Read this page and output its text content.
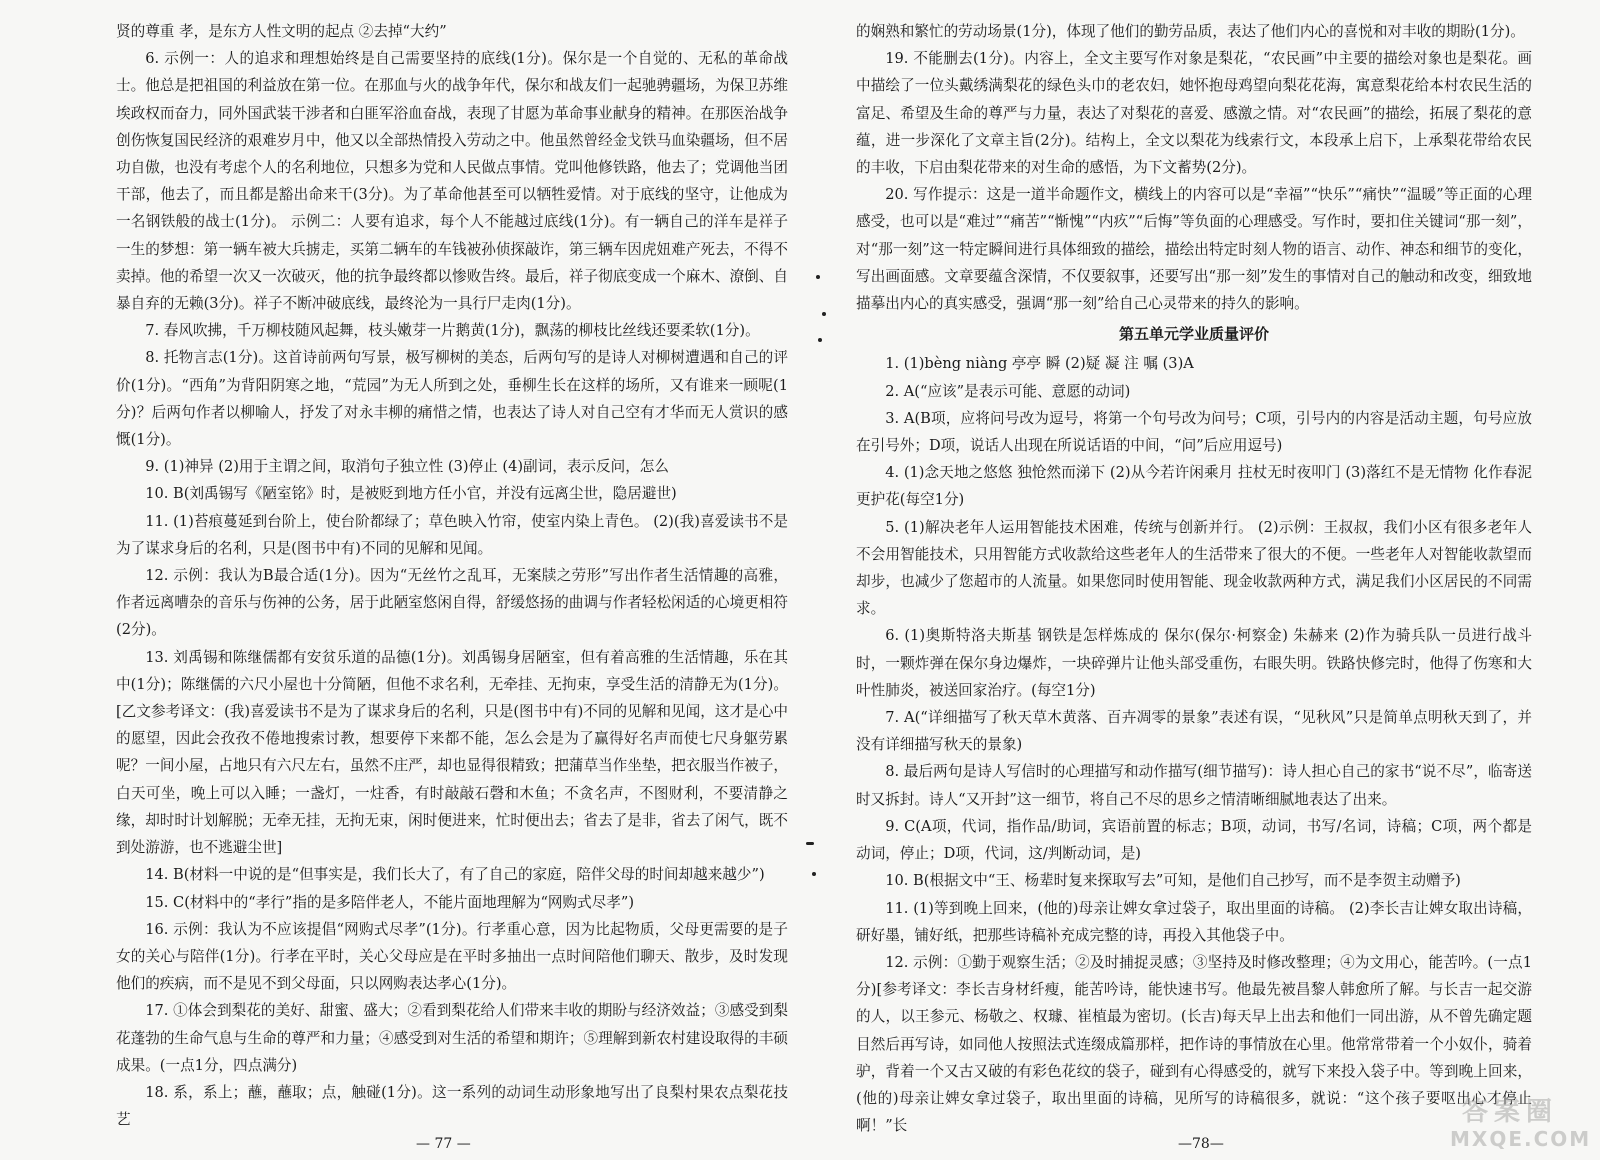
贤的尊重 孝，是东方人性文明的起点 ②去掉“大约”

6. 示例一：人的追求和理想始终是自己需要坚持的底线(1分)。保尔是一个自觉的、无私的革命战士。他总是把祖国的利益放在第一位。在那血与火的战争年代，保尔和战友们一起驰骋疆场，为保卫苏维埃政权而奋力，同外国武装干涉者和白匪军浴血奋战，表现了甘愿为革命事业献身的精神。在那医治战争创伤恢复国民经济的艰难岁月中，他又以全部热情投入劳动之中。他虽然曾经金戈铁马血染疆场，但不居功自傲，也没有考虑个人的名利地位，只想多为党和人民做点事情。党叫他修铁路，他去了；党调他当团干部，他去了，而且都是豁出命来干(3分)。为了革命他甚至可以牺牲爱情。对于底线的坚守，让他成为一名钢铁般的战士(1分)。 示例二：人要有追求，每个人不能越过底线(1分)。有一辆自己的洋车是祥子一生的梦想：第一辆车被大兵掳走，买第二辆车的车钱被孙侦探敲诈，第三辆车因虎妞难产死去，不得不卖掉。他的希望一次又一次破灭，他的抗争最终都以惨败告终。最后，祥子彻底变成一个麻木、潦倒、自暴自弃的无赖(3分)。祥子不断冲破底线，最终沦为一具行尸走肉(1分)。

7. 春风吹拂，千万柳枝随风起舞，枝头嫩芽一片鹅黄(1分)，飘荡的柳枝比丝线还要柔软(1分)。

8. 托物言志(1分)。这首诗前两句写景，极写柳树的美态，后两句写的是诗人对柳树遭遇和自己的评价(1分)。“西角”为背阳阴寒之地，“荒园”为无人所到之处，垂柳生长在这样的场所，又有谁来一顾呢(1分)？后两句作者以柳喻人，抒发了对永丰柳的痛惜之情，也表达了诗人对自己空有才华而无人赏识的感慨(1分)。

9. (1)神异 (2)用于主谓之间，取消句子独立性 (3)停止 (4)副词，表示反问，怎么

10. B(刘禹锡写《陋室铭》时，是被贬到地方任小官，并没有远离尘世，隐居避世)

11. (1)苔痕蔓延到台阶上，使台阶都绿了；草色映入竹帘，使室内染上青色。 (2)(我)喜爱读书不是为了谋求身后的名利，只是(图书中有)不同的见解和见闻。

12. 示例：我认为B最合适(1分)。因为“无丝竹之乱耳，无案牍之劳形”写出作者生活情趣的高雅，作者远离嘈杂的音乐与伤神的公务，居于此陋室悠闲自得，舒缓悠扬的曲调与作者轻松闲适的心境更相符(2分)。

13. 刘禹锡和陈继儒都有安贫乐道的品德(1分)。刘禹锡身居陋室，但有着高雅的生活情趣，乐在其中(1分)；陈继儒的六尺小屋也十分简陋，但他不求名利，无牵挂、无拘束，享受生活的清静无为(1分)。[乙文参考译文：(我)喜爱读书不是为了谋求身后的名利，只是(图书中有)不同的见解和见闻，这才是心中的愿望，因此会孜孜不倦地搜索讨教，想要停下来都不能，怎么会是为了赢得好名声而使七尺身躯劳累呢？一间小屋，占地只有六尺左右，虽然不庄严，却也显得很精致；把蒲草当作坐垫，把衣服当作被子，白天可坐，晚上可以入睡；一盏灯，一炷香，有时敲敲石磬和木鱼；不贪名声，不图财利，不要清静之缘，却时时计划解脱；无牵无挂，无拘无束，闲时便进来，忙时便出去；省去了是非，省去了闲气，既不到处游游，也不逃避尘世]

14. B(材料一中说的是“但事实是，我们长大了，有了自己的家庭，陪伴父母的时间却越来越少”)

15. C(材料中的“孝行”指的是多陪伴老人，不能片面地理解为“网购式尽孝”)

16. 示例：我认为不应该提倡“网购式尽孝”(1分)。行孝重心意，因为比起物质，父母更需要的是子女的关心与陪伴(1分)。行孝在平时，关心父母应是在平时多抽出一点时间陪他们聊天、散步，及时发现他们的疾病，而不是见不到父母面，只以网购表达孝心(1分)。

17. ①体会到梨花的美好、甜蜜、盛大；②看到梨花给人们带来丰收的期盼与经济效益；③感受到梨花蓬勃的生命气息与生命的尊严和力量；④感受到对生活的希望和期许；⑤理解到新农村建设取得的丰硕成果。(一点1分，四点满分)

18. 系，系上；蘸，蘸取；点，触碰(1分)。这一系列的动词生动形象地写出了良梨村果农点梨花技艺

— 77 —

的娴熟和繁忙的劳动场景(1分)，体现了他们的勤劳品质，表达了他们内心的喜悦和对丰收的期盼(1分)。

19. 不能删去(1分)。内容上，全文主要写作对象是梨花，“农民画”中主要的描绘对象也是梨花。画中描绘了一位头戴绣满梨花的绿色头巾的老农妇，她怀抱母鸡望向梨花花海，寓意梨花给本村农民生活的富足、希望及生命的尊严与力量，表达了对梨花的喜爱、感激之情。对“农民画”的描绘，拓展了梨花的意蕴，进一步深化了文章主旨(2分)。结构上，全文以梨花为线索行文，本段承上启下，上承梨花带给农民的丰收，下启由梨花带来的对生命的感悟，为下文蓄势(2分)。

20. 写作提示：这是一道半命题作文，横线上的内容可以是“幸福”“快乐”“痛快”“温暖”等正面的心理感受，也可以是“难过”“痛苦”“惭愧”“内疚”“后悔”等负面的心理感受。写作时，要扣住关键词“那一刻”，对“那一刻”这一特定瞬间进行具体细致的描绘，描绘出特定时刻人物的语言、动作、神态和细节的变化，写出画面感。文章要蕴含深情，不仅要叙事，还要写出“那一刻”发生的事情对自己的触动和改变，细致地描摹出内心的真实感受，强调“那一刻”给自己心灵带来的持久的影响。

第五单元学业质量评价

1. (1)bèng niàng 亭亭 瞬 (2)疑 凝 注 嘱 (3)A

2. A(“应该”是表示可能、意愿的动词)

3. A(B项，应将问号改为逗号，将第一个句号改为问号；C项，引号内的内容是活动主题，句号应放在引号外；D项，说话人出现在所说话语的中间，“问”后应用逗号)

4. (1)念天地之悠悠 独怆然而涕下 (2)从今若许闲乘月 拄杖无时夜叩门 (3)落红不是无情物 化作春泥更护花(每空1分)

5. (1)解决老年人运用智能技术困难，传统与创新并行。 (2)示例：王叔叔，我们小区有很多老年人不会用智能技术，只用智能方式收款给这些老年人的生活带来了很大的不便。一些老年人对智能收款望而却步，也减少了您超市的人流量。如果您同时使用智能、现金收款两种方式，满足我们小区居民的不同需求。

6. (1)奥斯特洛夫斯基 钢铁是怎样炼成的 保尔(保尔·柯察金) 朱赫来 (2)作为骑兵队一员进行战斗时，一颗炸弹在保尔身边爆炸，一块碎弹片让他头部受重伤，右眼失明。铁路快修完时，他得了伤寒和大叶性肺炎，被送回家治疗。(每空1分)

7. A(“详细描写了秋天草木黄落、百卉凋零的景象”表述有误，“见秋风”只是简单点明秋天到了，并没有详细描写秋天的景象)

8. 最后两句是诗人写信时的心理描写和动作描写(细节描写)：诗人担心自己的家书“说不尽”，临寄送时又拆封。诗人“又开封”这一细节，将自己不尽的思乡之情清晰细腻地表达了出来。

9. C(A项，代词，指作品/助词，宾语前置的标志；B项，动词，书写/名词，诗稿；C项，两个都是动词，停止；D项，代词，这/判断动词，是)

10. B(根据文中“王、杨辈时复来探取写去”可知，是他们自己抄写，而不是李贺主动赠予)

11. (1)等到晚上回来，(他的)母亲让婢女拿过袋子，取出里面的诗稿。 (2)李长吉让婢女取出诗稿，研好墨，铺好纸，把那些诗稿补充成完整的诗，再投入其他袋子中。

12. 示例：①勤于观察生活；②及时捕捉灵感；③坚持及时修改整理；④为文用心，能苦吟。(一点1分)[参考译文：李长吉身材纤瘦，能苦吟诗，能快速书写。他最先被昌黎人韩愈所了解。与长吉一起交游的人，以王参元、杨敬之、权璩、崔植最为密切。(长吉)每天早上出去和他们一同出游，从不曾先确定题目然后再写诗，如同他人按照法式连缀成篇那样，把作诗的事情放在心里。他常常带着一个小奴仆，骑着驴，背着一个又古又破的有彩色花纹的袋子，碰到有心得感受的，就写下来投入袋子中。等到晚上回来，(他的)母亲让婢女拿过袋子，取出里面的诗稿，见所写的诗稿很多，就说：“这个孩子要呕出心才停止啊！”长

—78—
答案圈
MXQE.COM
